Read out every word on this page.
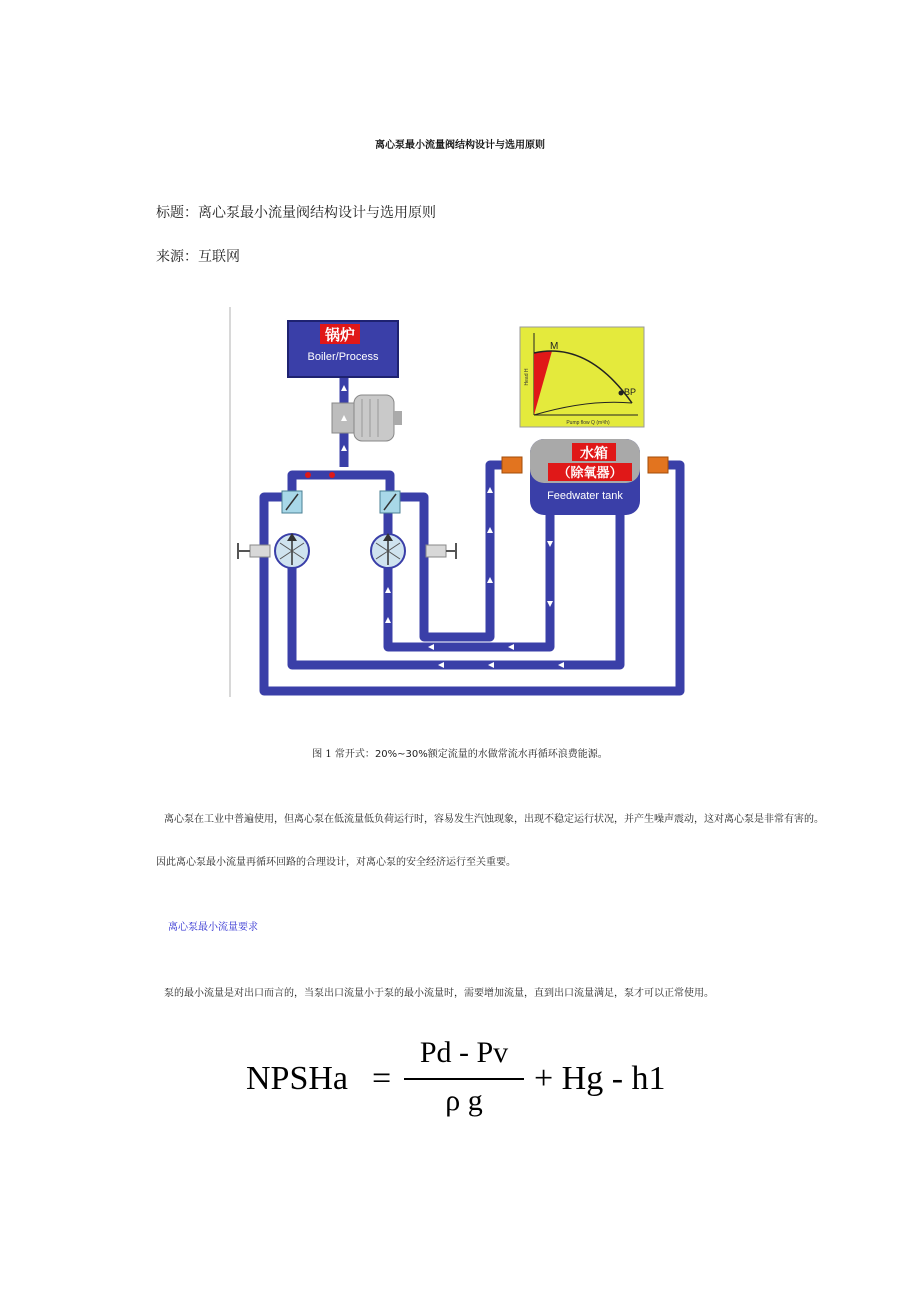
离心泵最小流量阀结构设计与选用原则
标题：离心泵最小流量阀结构设计与选用原则
来源：互联网
锅炉
Boiler/Process
水箱
（除氧器）
Feedwater tank
M
BP
Pump flow Q (m³/h)
Head H
图 1 常开式：20%~30%额定流量的水做常流水再循环浪费能源。
离心泵在工业中普遍使用，但离心泵在低流量低负荷运行时，容易发生汽蚀现象，出现不稳定运行状况，并产生噪声震动，这对离心泵是非常有害的。
因此离心泵最小流量再循环回路的合理设计，对离心泵的安全经济运行至关重要。
离心泵最小流量要求
泵的最小流量是对出口而言的，当泵出口流量小于泵的最小流量时，需要增加流量，直到出口流量满足，泵才可以正常使用。
NPSHa =
Pd - Pv
ρ g
+ Hg - h1
